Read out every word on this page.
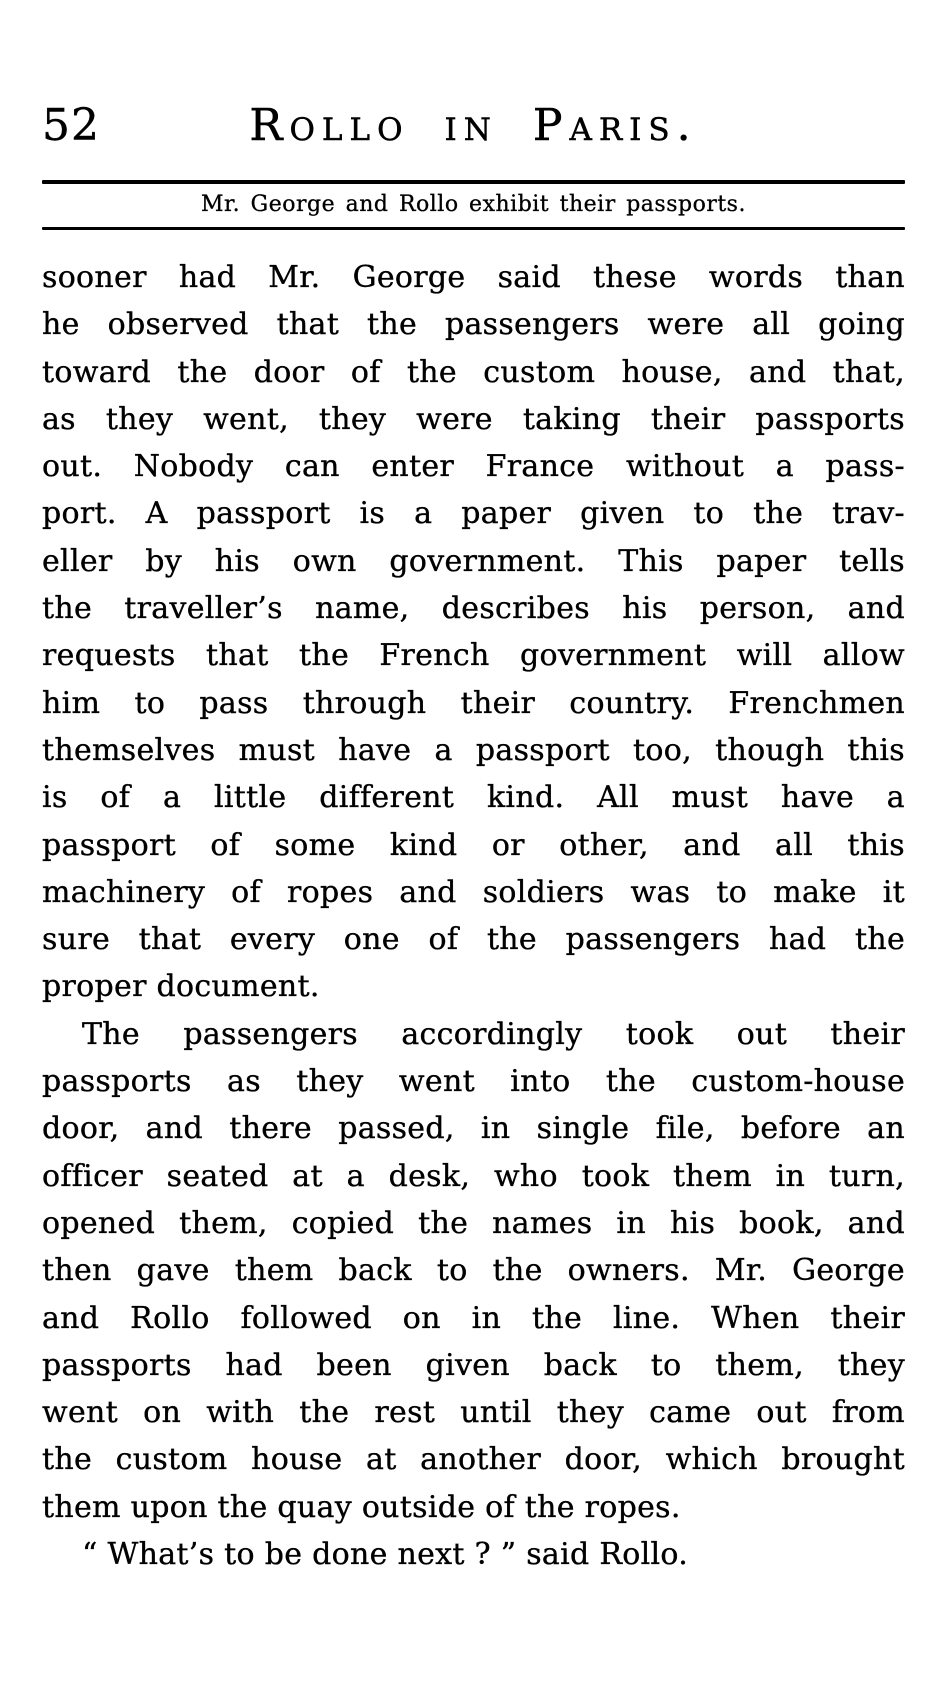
52	Rollo in Paris.
Mr. George and Rollo exhibit their passports.
sooner had Mr. George said these words than
he observed that the passengers were all going
toward the door of the custom house, and that,
as they went, they were taking their passports
out. Nobody can enter France without a pass-
port. A passport is a paper given to the trav-
eller by his own government. This paper tells
the traveller’s name, describes his person, and
requests that the French government will allow
him to pass through their country. Frenchmen
themselves must have a passport too, though this
is of a little different kind. All must have a
passport of some kind or other, and all this
machinery of ropes and soldiers was to make it
sure that every one of the passengers had the
proper document.
The passengers accordingly took out their
passports as they went into the custom-house
door, and there passed, in single file, before an
officer seated at a desk, who took them in turn,
opened them, copied the names in his book, and
then gave them back to the owners. Mr. George
and Rollo followed on in the line. When their
passports had been given back to them, they
went on with the rest until they came out from
the custom house at another door, which brought
them upon the quay outside of the ropes.
“ What’s to be done next ? ” said Rollo.
